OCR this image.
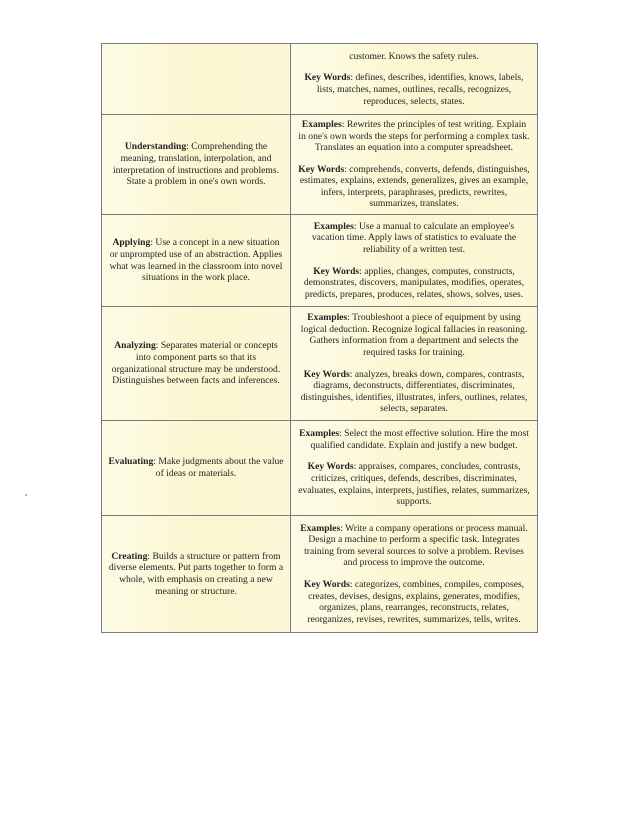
	customer. Knows the safety rules.

Key Words: defines, describes, identifies, knows, labels, lists, matches, names, outlines, recalls, recognizes, reproduces, selects, states.

Understanding: Comprehending the meaning, translation, interpolation, and interpretation of instructions and problems. State a problem in one's own words.	Examples: Rewrites the principles of test writing. Explain in one's own words the steps for performing a complex task. Translates an equation into a computer spreadsheet.

Key Words: comprehends, converts, defends, distinguishes, estimates, explains, extends, generalizes, gives an example, infers, interprets, paraphrases, predicts, rewrites, summarizes, translates.

Applying: Use a concept in a new situation or unprompted use of an abstraction. Applies what was learned in the classroom into novel situations in the work place.	Examples: Use a manual to calculate an employee's vacation time. Apply laws of statistics to evaluate the reliability of a written test.

Key Words: applies, changes, computes, constructs, demonstrates, discovers, manipulates, modifies, operates, predicts, prepares, produces, relates, shows, solves, uses.

Analyzing: Separates material or concepts into component parts so that its organizational structure may be understood. Distinguishes between facts and inferences.	Examples: Troubleshoot a piece of equipment by using logical deduction. Recognize logical fallacies in reasoning. Gathers information from a department and selects the required tasks for training.

Key Words: analyzes, breaks down, compares, contrasts, diagrams, deconstructs, differentiates, discriminates, distinguishes, identifies, illustrates, infers, outlines, relates, selects, separates.

Evaluating: Make judgments about the value of ideas or materials.	Examples: Select the most effective solution. Hire the most qualified candidate. Explain and justify a new budget.

Key Words: appraises, compares, concludes, contrasts, criticizes, critiques, defends, describes, discriminates, evaluates, explains, interprets, justifies, relates, summarizes, supports.

Creating: Builds a structure or pattern from diverse elements. Put parts together to form a whole, with emphasis on creating a new meaning or structure.	Examples: Write a company operations or process manual. Design a machine to perform a specific task. Integrates training from several sources to solve a problem. Revises and process to improve the outcome.

Key Words: categorizes, combines, compiles, composes, creates, devises, designs, explains, generates, modifies, organizes, plans, rearranges, reconstructs, relates, reorganizes, revises, rewrites, summarizes, tells, writes.
